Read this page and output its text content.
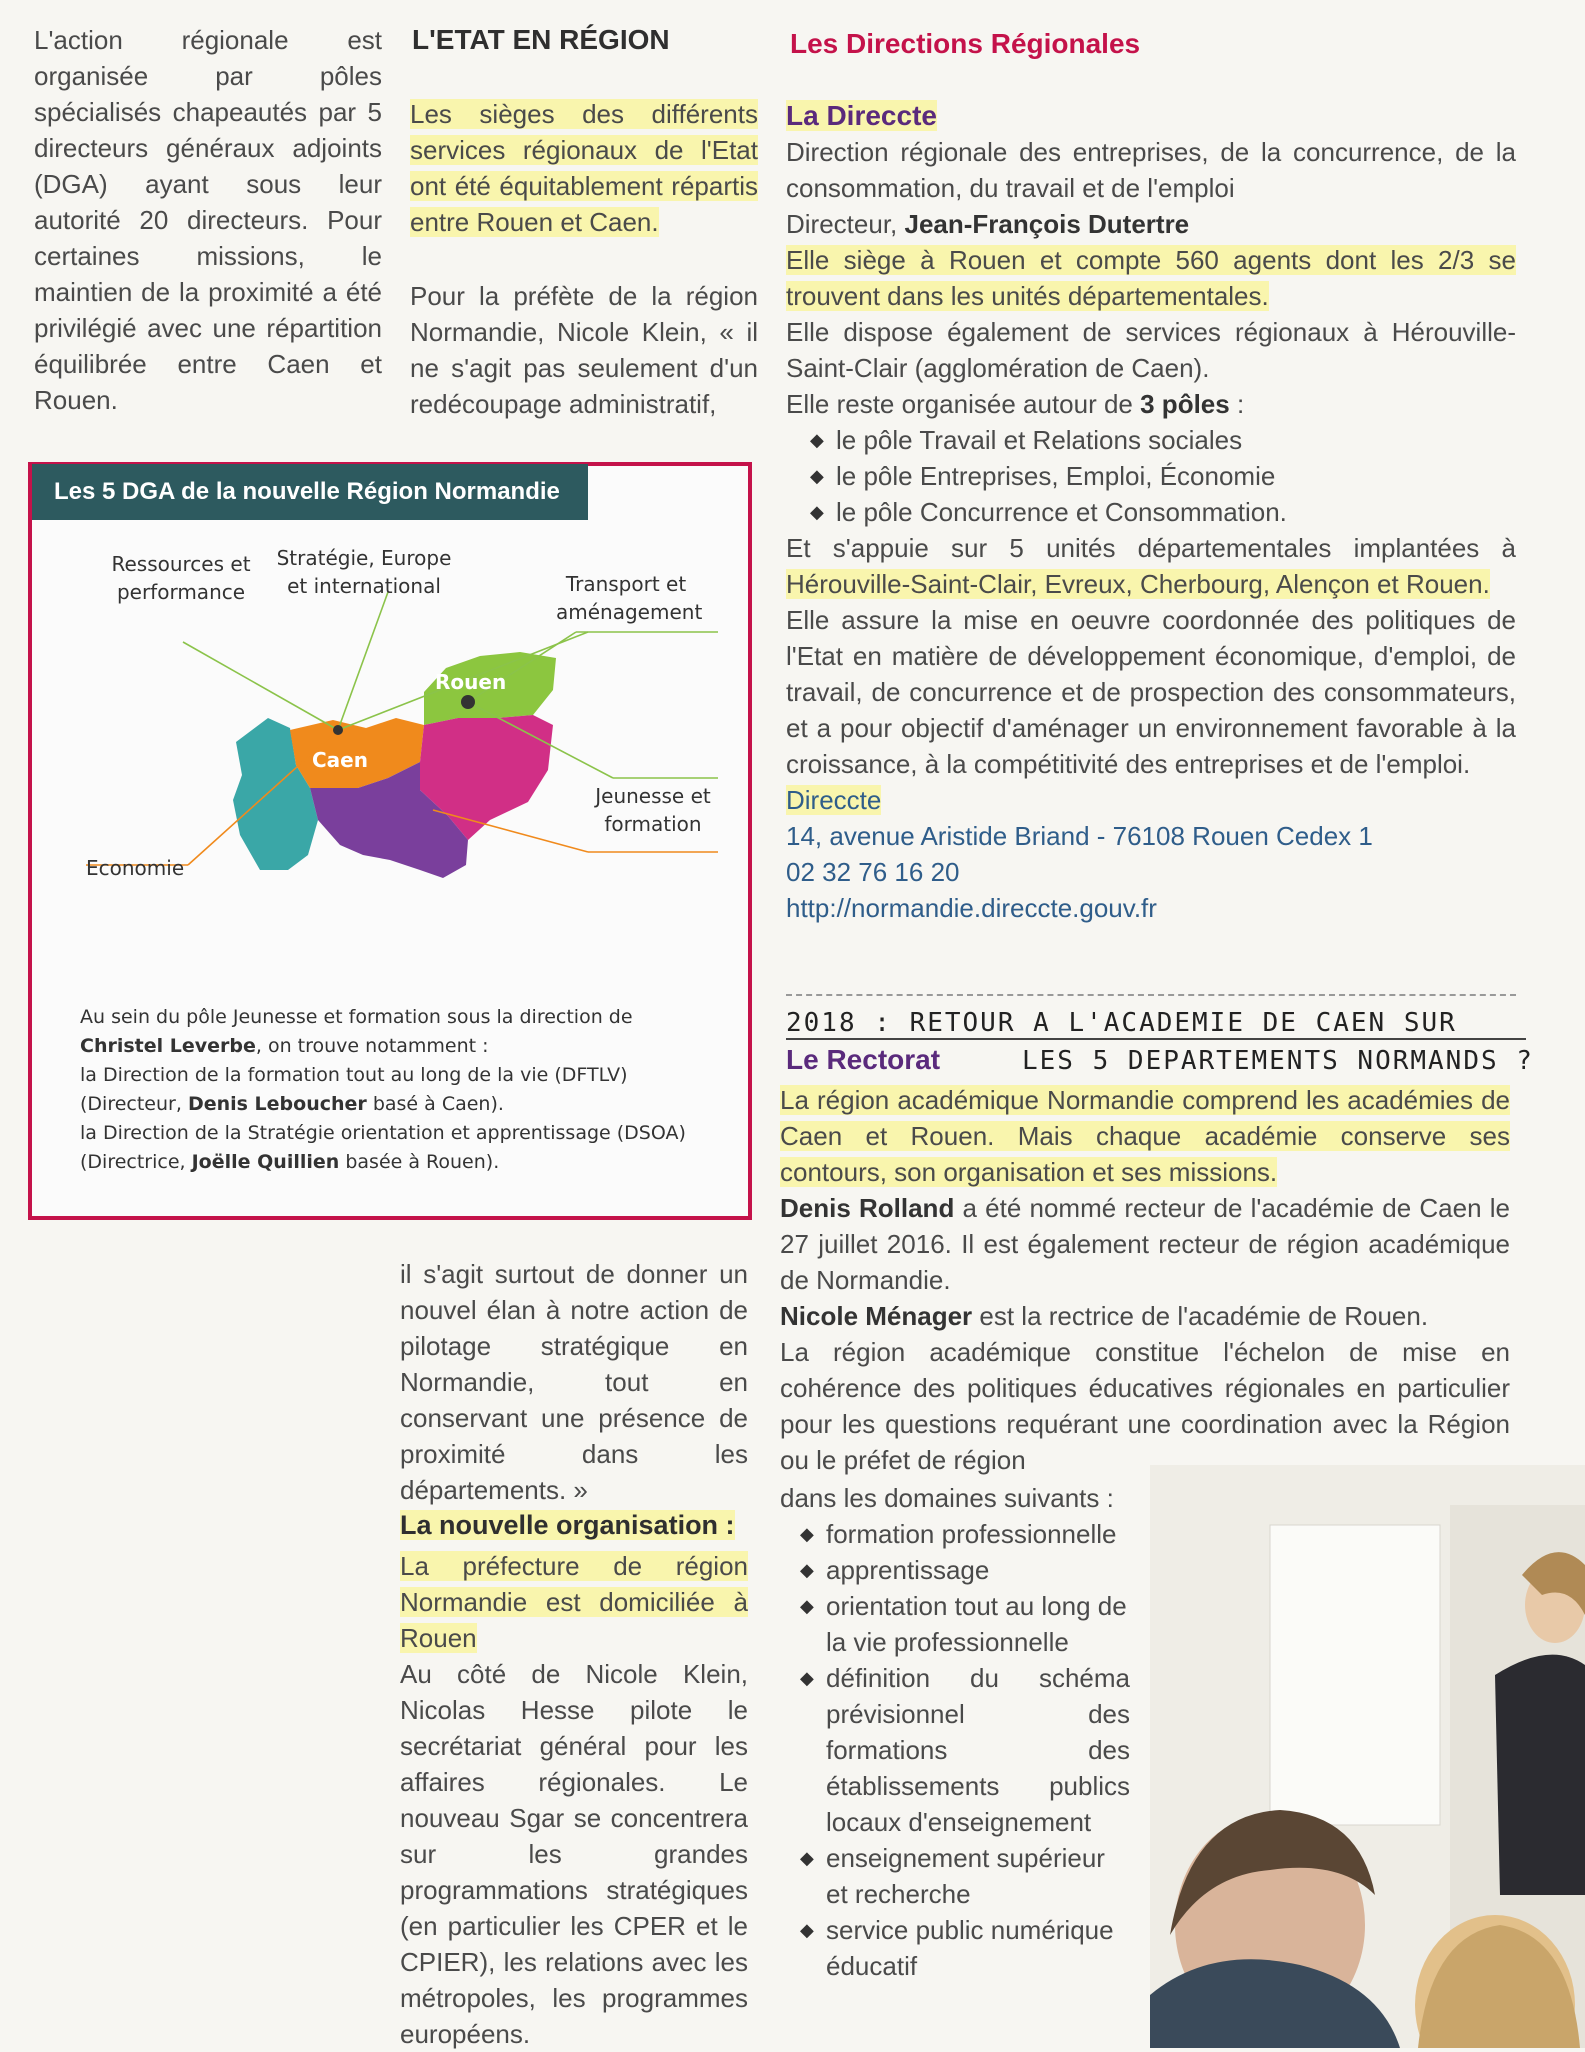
L'action régionale est organisée par pôles spécialisés chapeautés par 5 directeurs généraux adjoints (DGA) ayant sous leur autorité 20 directeurs. Pour certaines missions, le maintien de la proximité a été privilégié avec une répartition équilibrée entre Caen et Rouen.
L'ETAT EN RÉGION
Les sièges des différents services régionaux de l'Etat ont été équitablement répartis entre Rouen et Caen.
Pour la préfète de la région Normandie, Nicole Klein, « il ne s'agit pas seulement d'un redécoupage administratif,
Les 5 DGA de la nouvelle Région Normandie
Ressources et performance
Stratégie, Europe et international	Transport et aménagement
Jeunesse et formation
Economie
Rouen
Caen
Au sein du pôle Jeunesse et formation sous la direction de
Christel Leverbe, on trouve notamment :
la Direction de la formation tout au long de la vie (DFTLV)
(Directeur, Denis Leboucher basé à Caen).
la Direction de la Stratégie orientation et apprentissage (DSOA)
(Directrice, Joëlle Quillien basée à Rouen).
il s'agit surtout de donner un nouvel élan à notre action de pilotage stratégique en Normandie, tout en conservant une présence de proximité dans les départements. »
La nouvelle organisation :
La préfecture de région Normandie est domiciliée à Rouen
Au côté de Nicole Klein, Nicolas Hesse pilote le secrétariat général pour les affaires régionales. Le nouveau Sgar se concentrera sur les grandes programmations stratégiques (en particulier les CPER et le CPIER), les relations avec les métropoles, les programmes européens.
Les Directions Régionales
La Direccte
Direction régionale des entreprises, de la concurrence, de la consommation, du travail et de l'emploi
Directeur, Jean-François Dutertre
Elle siège à Rouen et compte 560 agents dont les 2/3 se trouvent dans les unités départementales.
Elle dispose également de services régionaux à Hérouville-Saint-Clair (agglomération de Caen).
Elle reste organisée autour de 3 pôles :
◆ le pôle Travail et Relations sociales
◆ le pôle Entreprises, Emploi, Économie
◆ le pôle Concurrence et Consommation.
Et s'appuie sur 5 unités départementales implantées à Hérouville-Saint-Clair, Evreux, Cherbourg, Alençon et Rouen.
Elle assure la mise en oeuvre coordonnée des politiques de l'Etat en matière de développement économique, d'emploi, de travail, de concurrence et de prospection des consommateurs, et a pour objectif d'aménager un environnement favorable à la croissance, à la compétitivité des entreprises et de l'emploi.
Direccte
14, avenue Aristide Briand - 76108 Rouen Cedex 1
02 32 76 16 20
http://normandie.direccte.gouv.fr
2018 : RETOUR A L'ACADEMIE DE CAEN SUR
Le Rectorat	LES 5 DEPARTEMENTS NORMANDS ?
La région académique Normandie comprend les académies de Caen et Rouen. Mais chaque académie conserve ses contours, son organisation et ses missions.
Denis Rolland a été nommé recteur de l'académie de Caen le 27 juillet 2016. Il est également recteur de région académique de Normandie.
Nicole Ménager est la rectrice de l'académie de Rouen.
La région académique constitue l'échelon de mise en cohérence des politiques éducatives régionales en particulier pour les questions requérant une coordination avec la Région ou le préfet de région
dans les domaines suivants :
◆ formation professionnelle
◆ apprentissage
◆ orientation tout au long de la vie professionnelle
◆ définition du schéma prévisionnel des formations des établissements publics locaux d'enseignement
◆ enseignement supérieur et recherche
◆ service public numérique éducatif
